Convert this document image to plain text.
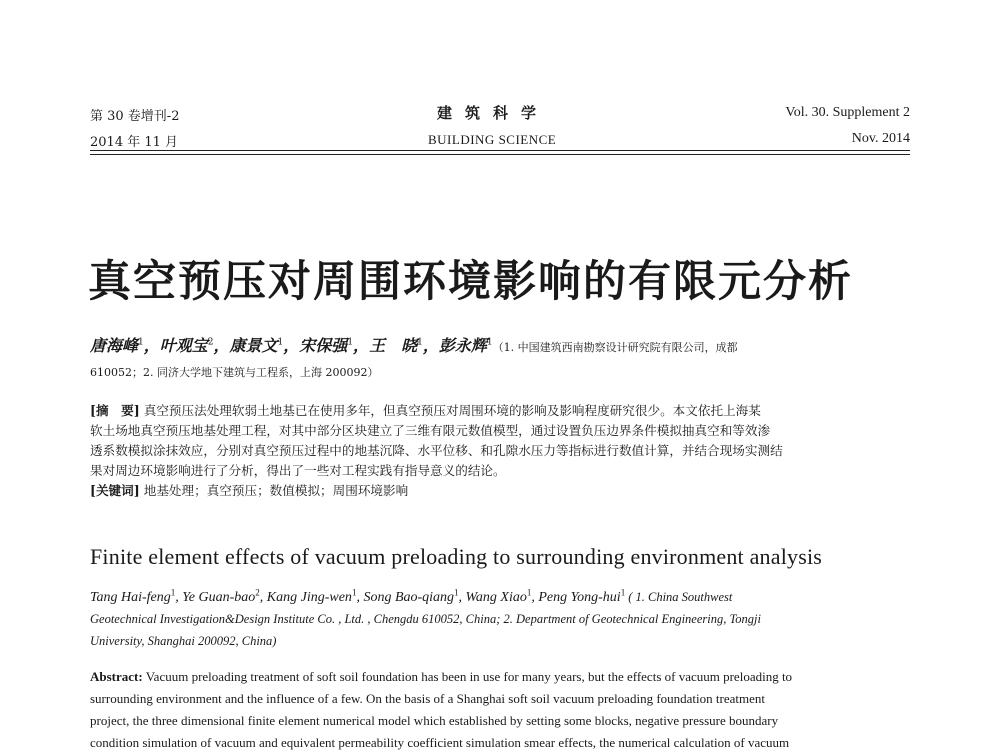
第 30 卷增刊-2	建筑科学	Vol. 30. Supplement 2
2014 年 11 月	BUILDING SCIENCE	Nov. 2014
真空预压对周围环境影响的有限元分析
唐海峰$^1$，叶观宝$^2$，康景文$^1$，宋保强$^1$，王　晓$^1$，彭永辉$^1$（1. 中国建筑西南勘察设计研究院有限公司，成都
610052；2. 同济大学地下建筑与工程系，上海 200092）
[摘　要] 真空预压法处理软弱土地基已在使用多年，但真空预压对周围环境的影响及影响程度研究很少。本文依托上海某
软土场地真空预压地基处理工程，对其中部分区块建立了三维有限元数值模型，通过设置负压边界条件模拟抽真空和等效渗
透系数模拟涂抹效应，分别对真空预压过程中的地基沉降、水平位移、和孔隙水压力等指标进行数值计算，并结合现场实测结
果对周边环境影响进行了分析，得出了一些对工程实践有指导意义的结论。
[关键词] 地基处理；真空预压；数值模拟；周围环境影响
Finite element effects of vacuum preloading to surrounding environment analysis
Tang Hai-feng$^1$, Ye Guan-bao$^2$, Kang Jing-wen$^1$, Song Bao-qiang$^1$, Wang Xiao$^1$, Peng Yong-hui$^1$ ( 1. China Southwest
Geotechnical Investigation&Design Institute Co. , Ltd. , Chengdu 610052, China; 2. Department of Geotechnical Engineering, Tongji
University, Shanghai 200092, China)
Abstract: Vacuum preloading treatment of soft soil foundation has been in use for many years, but the effects of vacuum preloading to
surrounding environment and the influence of a few. On the basis of a Shanghai soft soil vacuum preloading foundation treatment
project, the three dimensional finite element numerical model which established by setting some blocks, negative pressure boundary
condition simulation of vacuum and equivalent permeability coefficient simulation smear effects, the numerical calculation of vacuum
